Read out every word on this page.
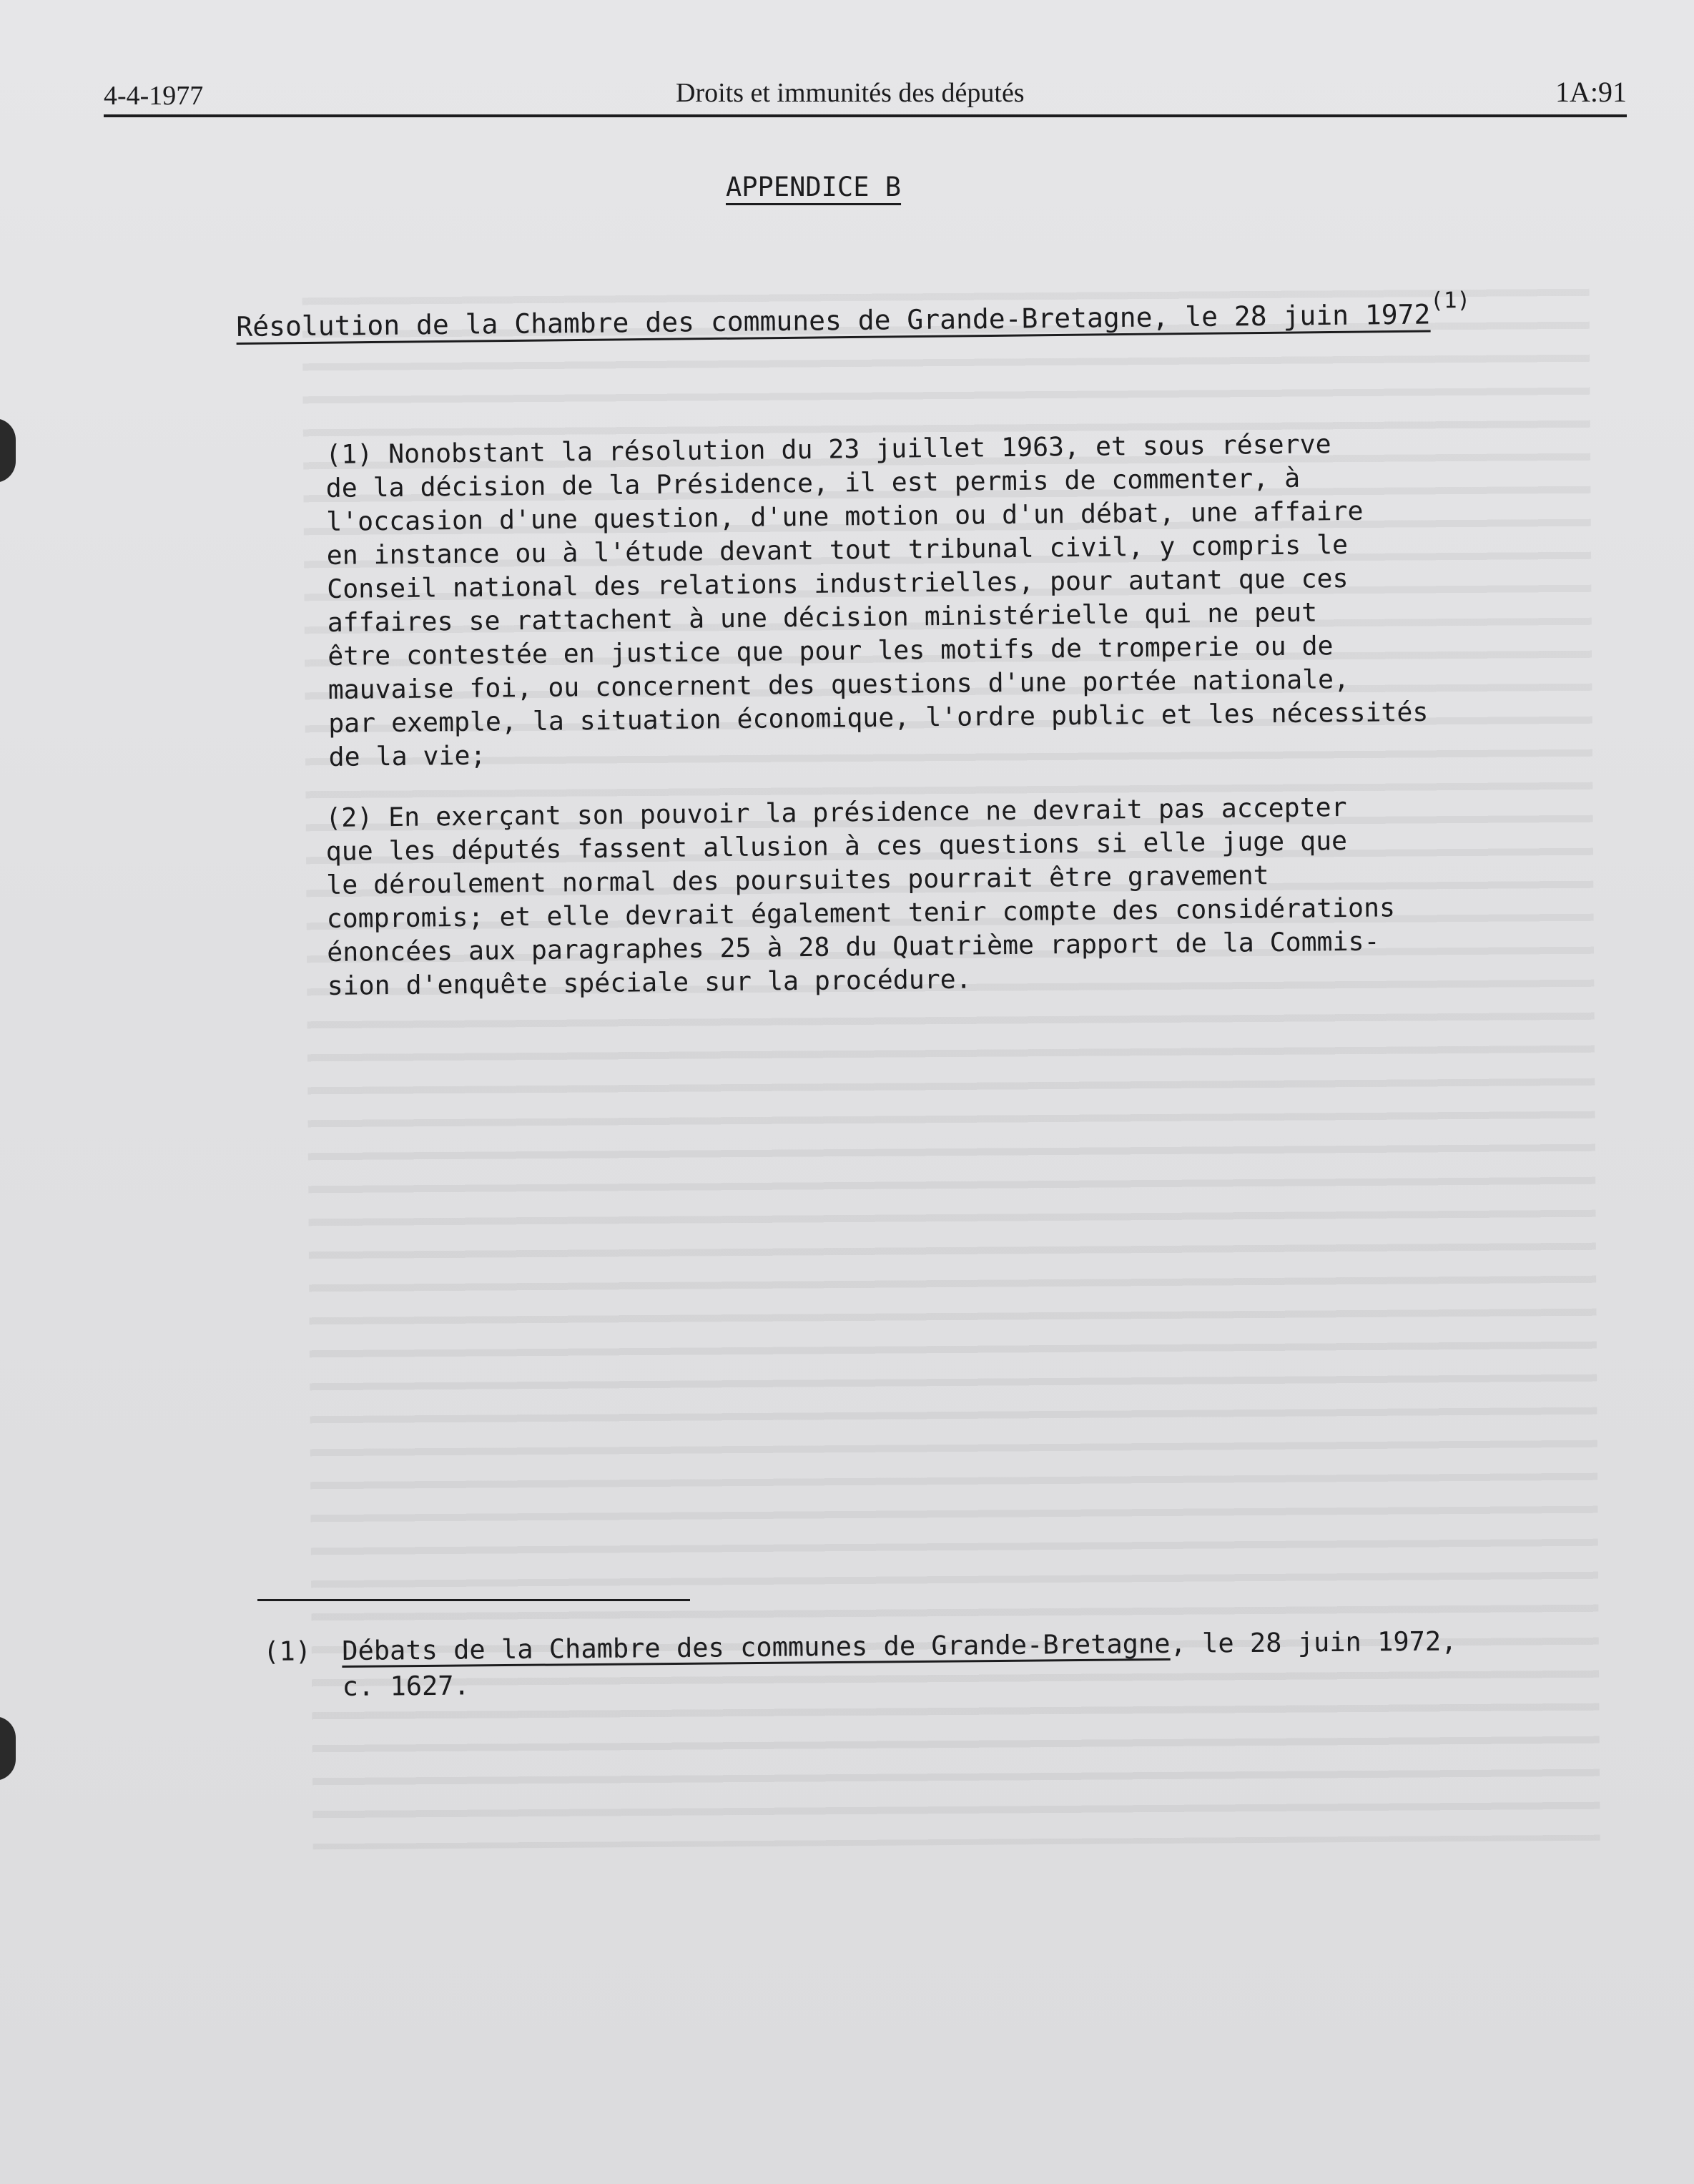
4-4-1977	Droits et immunités des députés	1A:91
APPENDICE B
Résolution de la Chambre des communes de Grande-Bretagne, le 28 juin 1972$^{(1)}$
(1) Nonobstant la résolution du 23 juillet 1963, et sous réserve
de la décision de la Présidence, il est permis de commenter, à
l'occasion d'une question, d'une motion ou d'un débat, une affaire
en instance ou à l'étude devant tout tribunal civil, y compris le
Conseil national des relations industrielles, pour autant que ces
affaires se rattachent à une décision ministérielle qui ne peut
être contestée en justice que pour les motifs de tromperie ou de
mauvaise foi, ou concernent des questions d'une portée nationale,
par exemple, la situation économique, l'ordre public et les nécessités
de la vie;
(2) En exerçant son pouvoir la présidence ne devrait pas accepter
que les députés fassent allusion à ces questions si elle juge que
le déroulement normal des poursuites pourrait être gravement
compromis; et elle devrait également tenir compte des considérations
énoncées aux paragraphes 25 à 28 du Quatrième rapport de la Commis-
sion d'enquête spéciale sur la procédure.
(1) Débats de la Chambre des communes de Grande-Bretagne, le 28 juin 1972,
c. 1627.
